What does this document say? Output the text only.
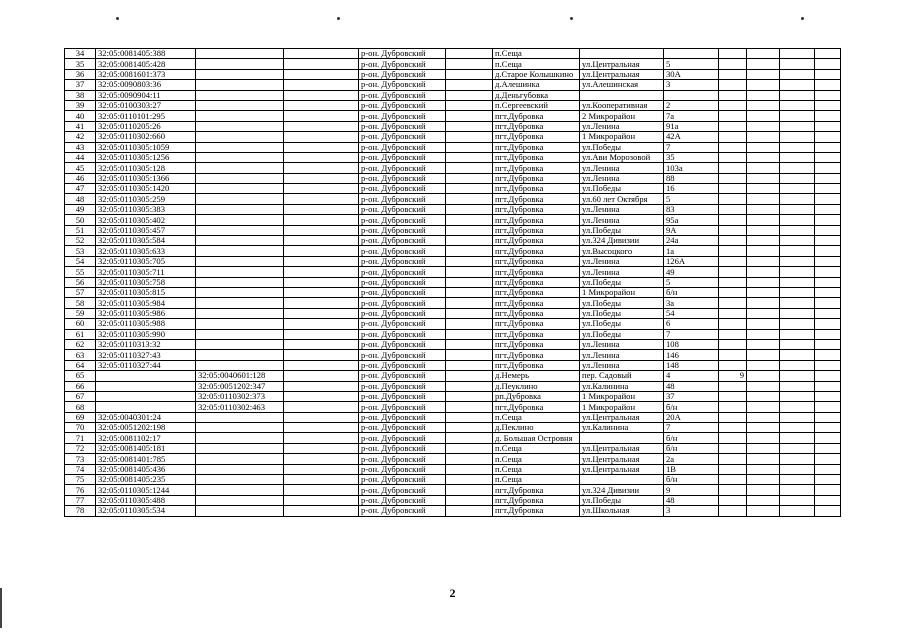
34	32:05:0081405:388			р-он. Дубровский		п.Сеща						
35	32:05:0081405:428			р-он. Дубровский		п.Сеща	ул.Центральная	5				
36	32:05:0081601:373			р-он. Дубровский		д.Старое Колышкино	ул.Центральная	30А				
37	32:05:0090803:36			р-он. Дубровский		д.Алешинка	ул.Алешинская	3				
38	32:05:0090904:11			р-он. Дубровский		д.Деньгубовка						
39	32:05:0100303:27			р-он. Дубровский		п.Сергеевский	ул.Кооперативная	2				
40	32:05:0110101:295			р-он. Дубровский		пгт.Дубровка	2 Микрорайон	7а				
41	32:05:0110205:26			р-он. Дубровский		пгт.Дубровка	ул.Ленина	91а				
42	32:05:0110302:660			р-он. Дубровский		пгт.Дубровка	1 Микрорайон	42А				
43	32:05:0110305:1059			р-он. Дубровский		пгт.Дубровка	ул.Победы	7				
44	32:05:0110305:1256			р-он. Дубровский		пгт.Дубровка	ул.Ави Морозовой	35				
45	32:05:0110305:128			р-он. Дубровский		пгт.Дубровка	ул.Ленина	103а				
46	32:05:0110305:1366			р-он. Дубровский		пгт.Дубровка	ул.Ленина	88				
47	32:05:0110305:1420			р-он. Дубровский		пгт.Дубровка	ул.Победы	16				
48	32:05:0110305:259			р-он. Дубровский		пгт.Дубровка	ул.60 лет Октября	5				
49	32:05:0110305:383			р-он. Дубровский		пгт.Дубровка	ул.Ленина	83				
50	32:05:0110305:402			р-он. Дубровский		пгт.Дубровка	ул.Ленина	95а				
51	32:05:0110305:457			р-он. Дубровский		пгт.Дубровка	ул.Победы	9А				
52	32:05:0110305:584			р-он. Дубровский		пгт.Дубровка	ул.324 Дивизии	24а				
53	32:05:0110305:633			р-он. Дубровский		пгт.Дубровка	ул.Высоцкого	1а				
54	32:05:0110305:705			р-он. Дубровский		пгт.Дубровка	ул.Ленина	126А				
55	32:05:0110305:711			р-он. Дубровский		пгт.Дубровка	ул.Ленина	49				
56	32:05:0110305:758			р-он. Дубровский		пгт.Дубровка	ул.Победы	5				
57	32:05:0110305:815			р-он. Дубровский		пгт.Дубровка	1 Микрорайон	б/н				
58	32:05:0110305:984			р-он. Дубровский		пгт.Дубровка	ул.Победы	3а				
59	32:05:0110305:986			р-он. Дубровский		пгт.Дубровка	ул.Победы	54				
60	32:05:0110305:988			р-он. Дубровский		пгт.Дубровка	ул.Победы	6				
61	32:05:0110305:990			р-он. Дубровский		пгт.Дубровка	ул.Победы	7				
62	32:05:0110313:32			р-он. Дубровский		пгт.Дубровка	ул.Ленина	108				
63	32:05:0110327:43			р-он. Дубровский		пгт.Дубровка	ул.Ленина	146				
64	32:05:0110327:44			р-он. Дубровский		пгт.Дубровка	ул.Ленина	148				
65		32:05:0040601:128		р-он. Дубровский		д.Немерь	пер. Садовый	4	9			
66		32:05:0051202:347		р-он. Дубровский		д.Пеуклино	ул.Калинина	48				
67		32:05:0110302:373		р-он. Дубровский		рп.Дубровка	1 Микрорайон	37				
68		32:05:0110302:463		р-он. Дубровский		пгт.Дубровка	1 Микрорайон	б/н				
69	32:05:0040301:24			р-он. Дубровский		п.Сеща	ул.Центральная	20А				
70	32:05:0051202:198			р-он. Дубровский		д.Пеклино	ул.Калинина	7				
71	32:05:0081102:17			р-он. Дубровский		д. Большая Островня		б/н				
72	32:05:0081405:181			р-он. Дубровский		п.Сеща	ул.Центральная	б/н				
73	32:05:0081401:785			р-он. Дубровский		п.Сеща	ул.Центральная	2а				
74	32:05:0081405:436			р-он. Дубровский		п.Сеща	ул.Центральная	1В				
75	32:05:0081405:235			р-он. Дубровский		п.Сеща		б/н				
76	32:05:0110305:1244			р-он. Дубровский		пгт.Дубровка	ул.324 Дивизии	9				
77	32:05:0110305:488			р-он. Дубровский		пгт.Дубровка	ул.Победы	48				
78	32:05:0110305:534			р-он. Дубровский		пгт.Дубровка	ул.Школьная	3				
2
